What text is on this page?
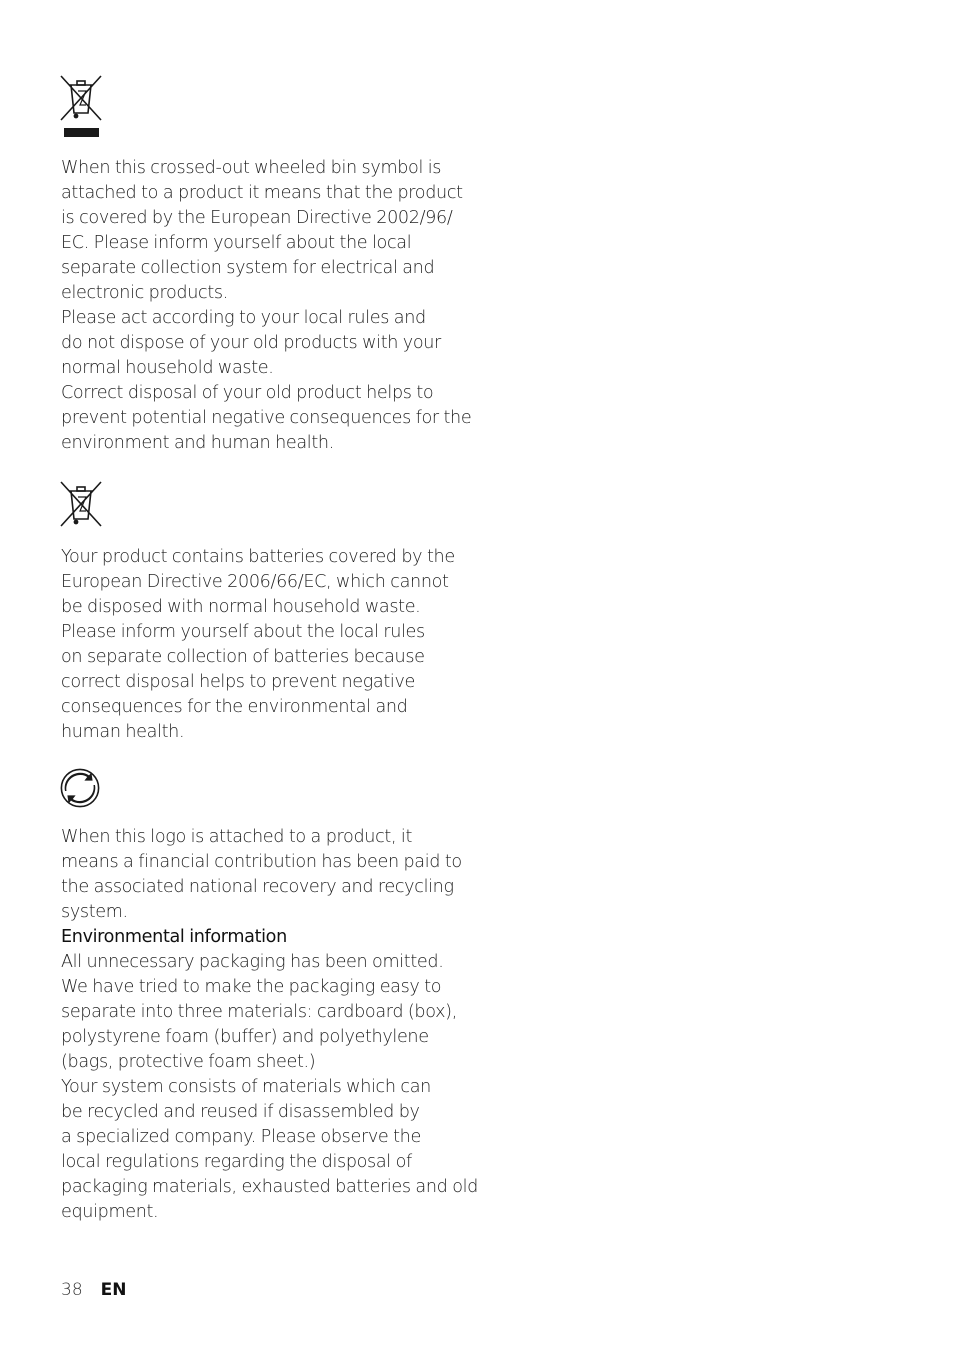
When this crossed-out wheeled bin symbol is
attached to a product it means that the product
is covered by the European Directive 2002/96/
EC. Please inform yourself about the local
separate collection system for electrical and
electronic products.
Please act according to your local rules and
do not dispose of your old products with your
normal household waste.
Correct disposal of your old product helps to
prevent potential negative consequences for the
environment and human health.
Your product contains batteries covered by the
European Directive 2006/66/EC, which cannot
be disposed with normal household waste.
Please inform yourself about the local rules
on separate collection of batteries because
correct disposal helps to prevent negative
consequences for the environmental and
human health.
When this logo is attached to a product, it
means a financial contribution has been paid to
the associated national recovery and recycling
system.
Environmental information
All unnecessary packaging has been omitted.
We have tried to make the packaging easy to
separate into three materials: cardboard (box),
polystyrene foam (buffer) and polyethylene
(bags, protective foam sheet.)
Your system consists of materials which can
be recycled and reused if disassembled by
a specialized company. Please observe the
local regulations regarding the disposal of
packaging materials, exhausted batteries and old
equipment.
38 EN
